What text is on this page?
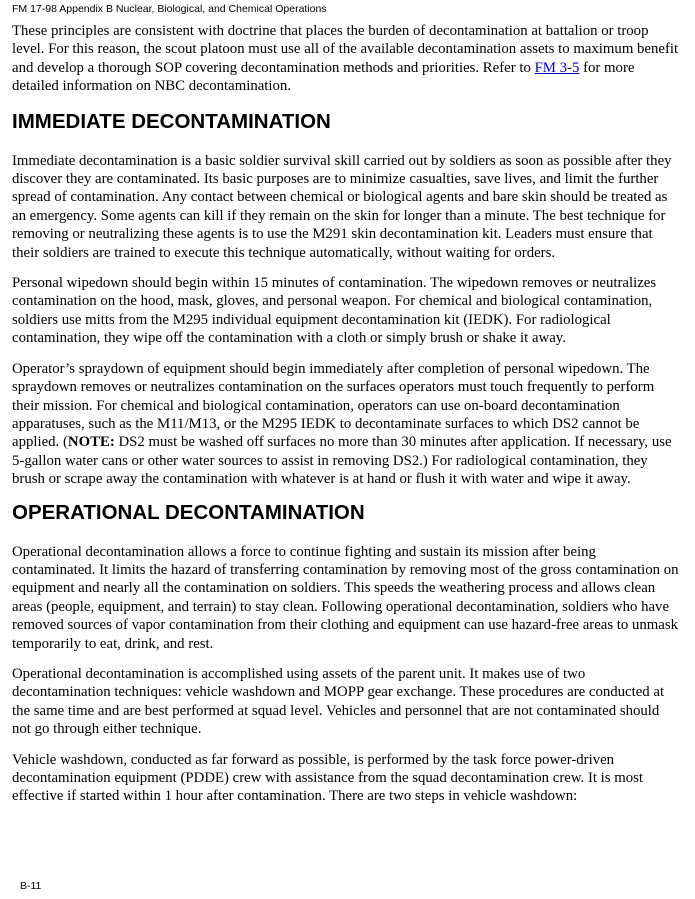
FM 17-98 Appendix B Nuclear, Biological, and Chemical Operations

These principles are consistent with doctrine that places the burden of decontamination at battalion or troop level. For this reason, the scout platoon must use all of the available decontamination assets to maximum benefit and develop a thorough SOP covering decontamination methods and priorities. Refer to FM 3-5 for more detailed information on NBC decontamination.

IMMEDIATE DECONTAMINATION

Immediate decontamination is a basic soldier survival skill carried out by soldiers as soon as possible after they discover they are contaminated. Its basic purposes are to minimize casualties, save lives, and limit the further spread of contamination. Any contact between chemical or biological agents and bare skin should be treated as an emergency. Some agents can kill if they remain on the skin for longer than a minute. The best technique for removing or neutralizing these agents is to use the M291 skin decontamination kit. Leaders must ensure that their soldiers are trained to execute this technique automatically, without waiting for orders.

Personal wipedown should begin within 15 minutes of contamination. The wipedown removes or neutralizes contamination on the hood, mask, gloves, and personal weapon. For chemical and biological contamination, soldiers use mitts from the M295 individual equipment decontamination kit (IEDK). For radiological contamination, they wipe off the contamination with a cloth or simply brush or shake it away.

Operator’s spraydown of equipment should begin immediately after completion of personal wipedown. The spraydown removes or neutralizes contamination on the surfaces operators must touch frequently to perform their mission. For chemical and biological contamination, operators can use on-board decontamination apparatuses, such as the M11/M13, or the M295 IEDK to decontaminate surfaces to which DS2 cannot be applied. (NOTE: DS2 must be washed off surfaces no more than 30 minutes after application. If necessary, use 5-gallon water cans or other water sources to assist in removing DS2.) For radiological contamination, they brush or scrape away the contamination with whatever is at hand or flush it with water and wipe it away.

OPERATIONAL DECONTAMINATION

Operational decontamination allows a force to continue fighting and sustain its mission after being contaminated. It limits the hazard of transferring contamination by removing most of the gross contamination on equipment and nearly all the contamination on soldiers. This speeds the weathering process and allows clean areas (people, equipment, and terrain) to stay clean. Following operational decontamination, soldiers who have removed sources of vapor contamination from their clothing and equipment can use hazard-free areas to unmask temporarily to eat, drink, and rest.

Operational decontamination is accomplished using assets of the parent unit. It makes use of two decontamination techniques: vehicle washdown and MOPP gear exchange. These procedures are conducted at the same time and are best performed at squad level. Vehicles and personnel that are not contaminated should not go through either technique.

Vehicle washdown, conducted as far forward as possible, is performed by the task force power-driven decontamination equipment (PDDE) crew with assistance from the squad decontamination crew. It is most effective if started within 1 hour after contamination. There are two steps in vehicle washdown:

B-11
